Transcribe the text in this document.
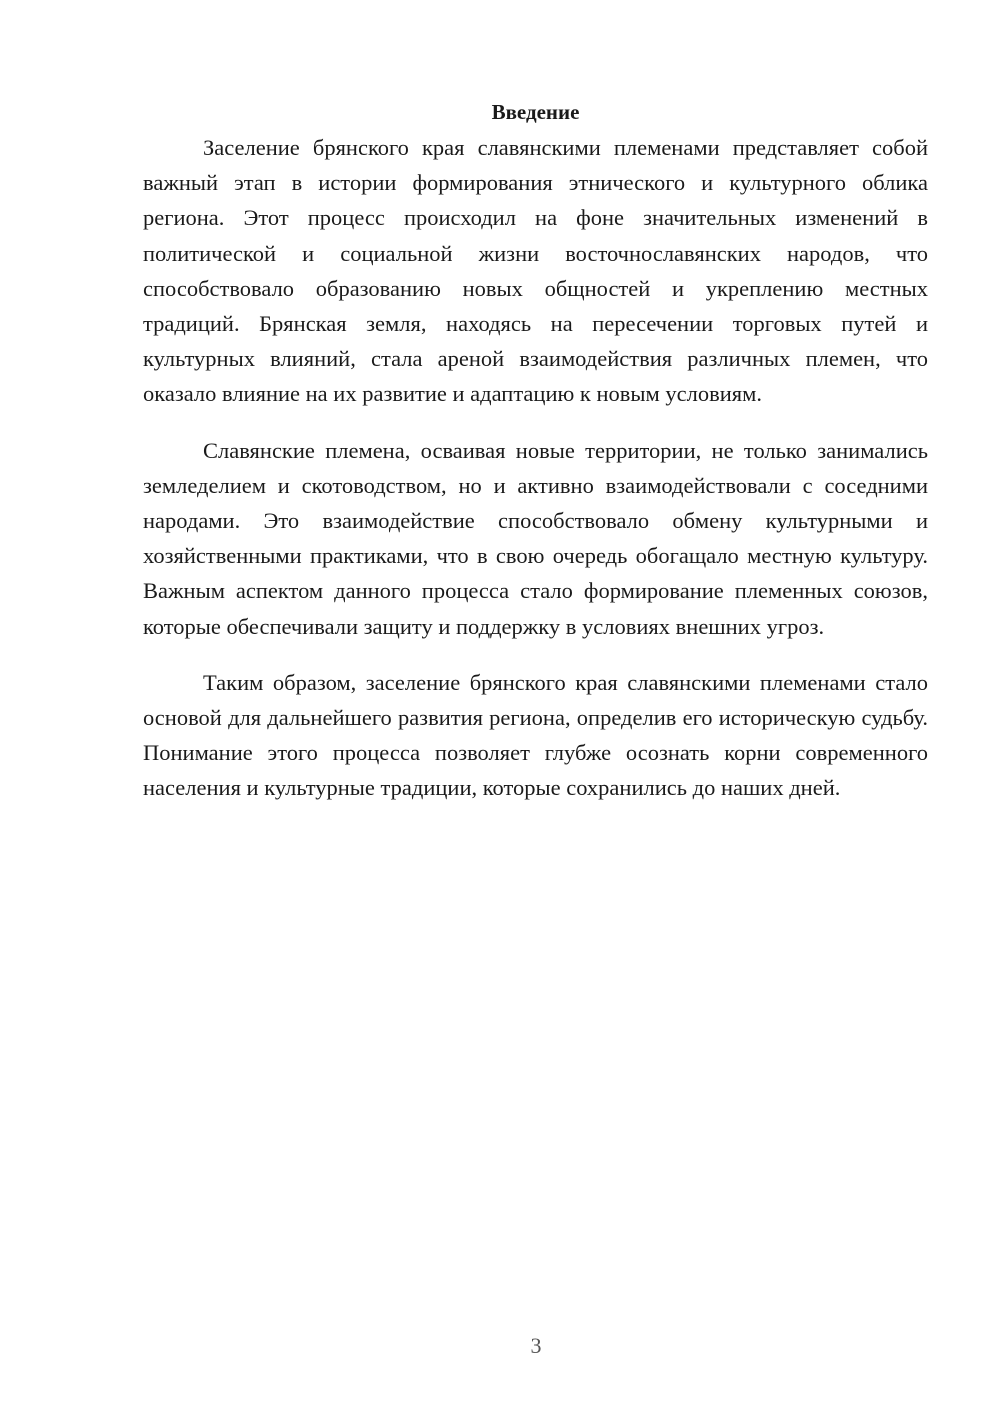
Введение

Заселение брянского края славянскими племенами представляет собой важный этап в истории формирования этнического и культурного облика региона. Этот процесс происходил на фоне значительных изменений в политической и социальной жизни восточнославянских народов, что способствовало образованию новых общностей и укреплению местных традиций. Брянская земля, находясь на пересечении торговых путей и культурных влияний, стала ареной взаимодействия различных племен, что оказало влияние на их развитие и адаптацию к новым условиям.

Славянские племена, осваивая новые территории, не только занимались земледелием и скотоводством, но и активно взаимодействовали с соседними народами. Это взаимодействие способствовало обмену культурными и хозяйственными практиками, что в свою очередь обогащало местную культуру. Важным аспектом данного процесса стало формирование племенных союзов, которые обеспечивали защиту и поддержку в условиях внешних угроз.

Таким образом, заселение брянского края славянскими племенами стало основой для дальнейшего развития региона, определив его историческую судьбу. Понимание этого процесса позволяет глубже осознать корни современного населения и культурные традиции, которые сохранились до наших дней.

3
